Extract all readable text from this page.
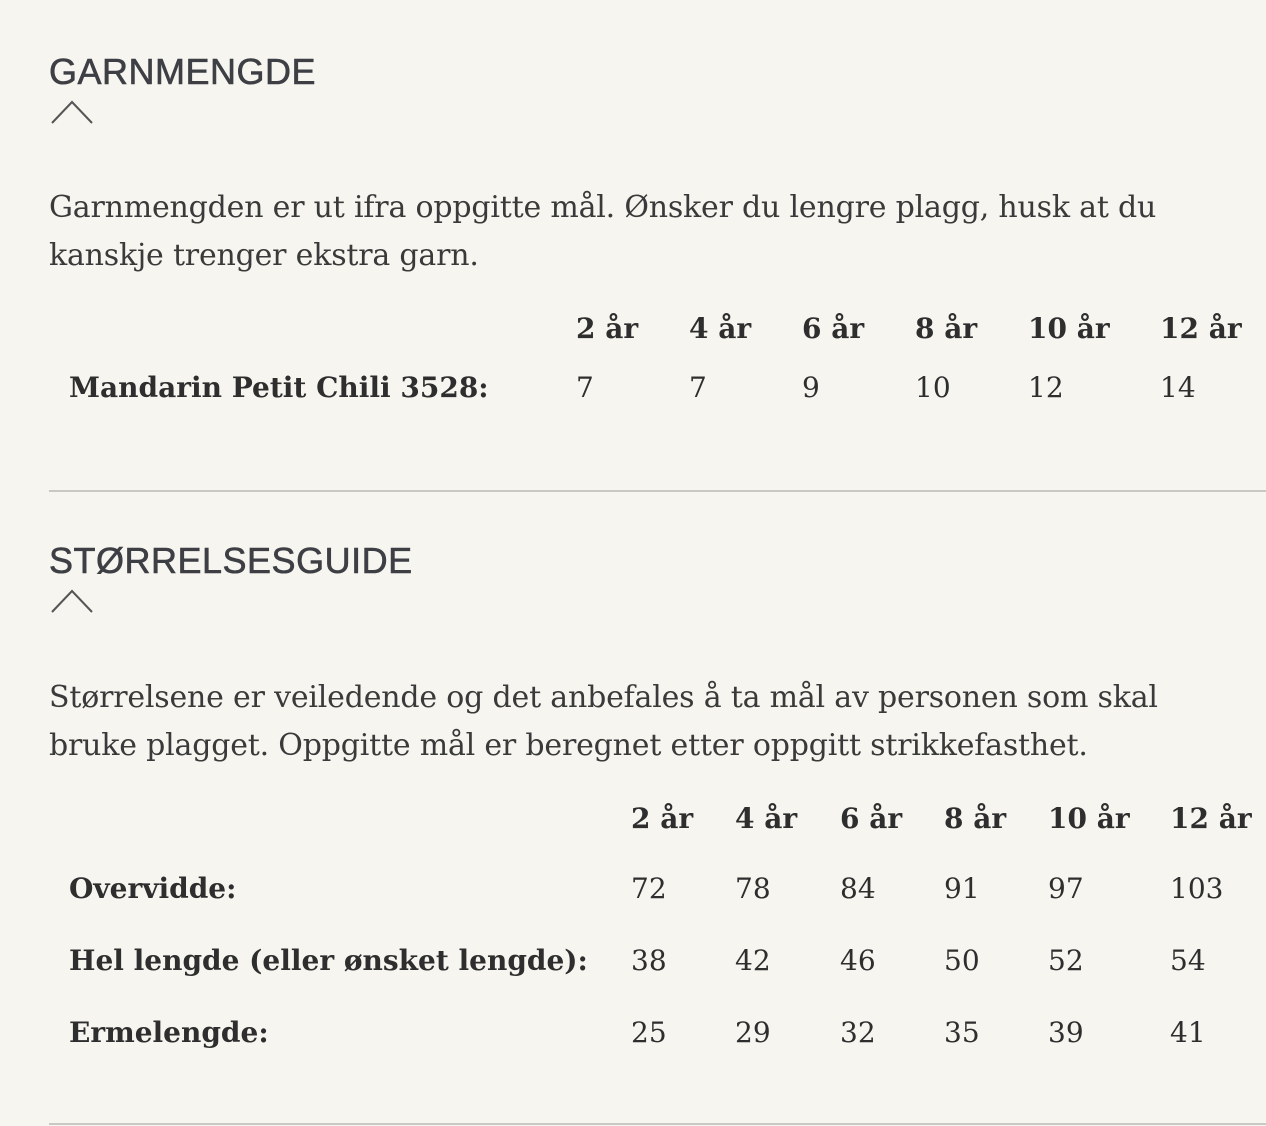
GARNMENGDE

Garnmengden er ut ifra oppgitte mål. Ønsker du lengre plagg, husk at du kanskje trenger ekstra garn.

	2 år	4 år	6 år	8 år	10 år	12 år
Mandarin Petit Chili 3528:	7	7	9	10	12	14
STØRRELSESGUIDE

Størrelsene er veiledende og det anbefales å ta mål av personen som skal bruke plagget. Oppgitte mål er beregnet etter oppgitt strikkefasthet.

	2 år	4 år	6 år	8 år	10 år	12 år
Overvidde:	72	78	84	91	97	103
Hel lengde (eller ønsket lengde):	38	42	46	50	52	54
Ermelengde:	25	29	32	35	39	41
